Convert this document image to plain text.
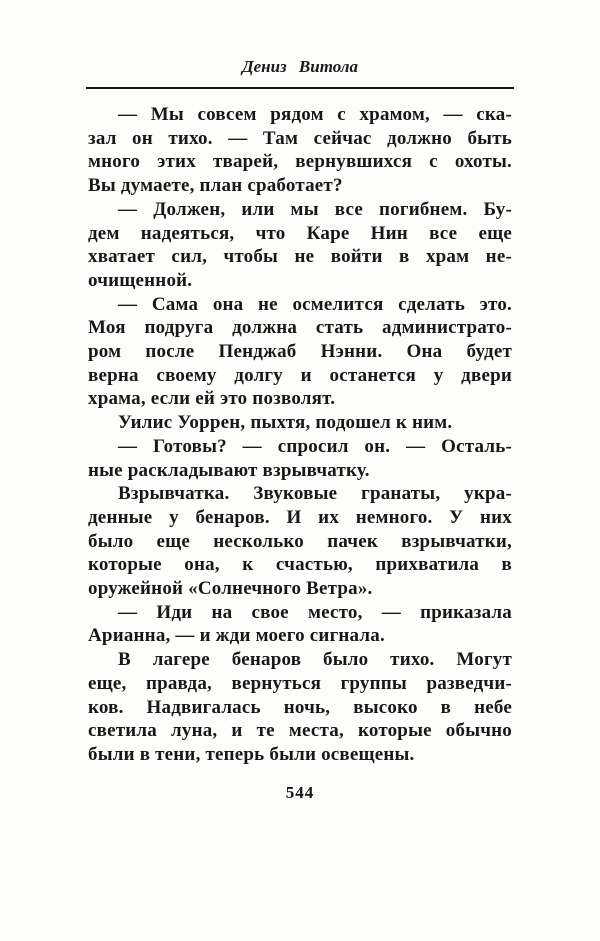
Дениз Витола
— Мы совсем рядом с храмом, — ска-
зал он тихо. — Там сейчас должно быть
много этих тварей, вернувшихся с охоты.
Вы думаете, план сработает?
— Должен, или мы все погибнем. Бу-
дем надеяться, что Каре Нин все еще
хватает сил, чтобы не войти в храм не-
очищенной.
— Сама она не осмелится сделать это.
Моя подруга должна стать администрато-
ром после Пенджаб Нэнни. Она будет
верна своему долгу и останется у двери
храма, если ей это позволят.
Уилис Уоррен, пыхтя, подошел к ним.
— Готовы? — спросил он. — Осталь-
ные раскладывают взрывчатку.
Взрывчатка. Звуковые гранаты, укра-
денные у бенаров. И их немного. У них
было еще несколько пачек взрывчатки,
которые она, к счастью, прихватила в
оружейной «Солнечного Ветра».
— Иди на свое место, — приказала
Арианна, — и жди моего сигнала.
В лагере бенаров было тихо. Могут
еще, правда, вернуться группы разведчи-
ков. Надвигалась ночь, высоко в небе
светила луна, и те места, которые обычно
были в тени, теперь были освещены.
544
